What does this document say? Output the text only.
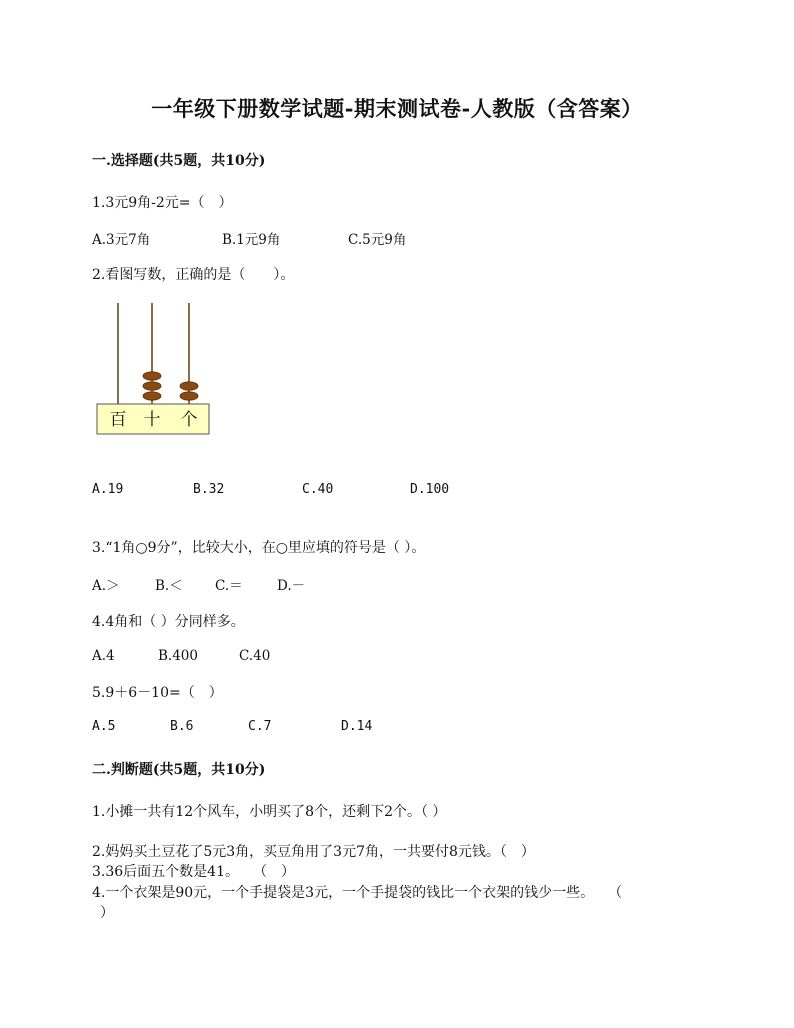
一年级下册数学试题-期末测试卷-人教版（含答案）
一.选择题(共5题，共10分)
1.3元9角-2元=（　）
A.3元7角	B.1元9角	C.5元9角
2.看图写数，正确的是（　　）。
百 十 个
A.19	B.32	C.40	D.100
3.“1角○9分”，比较大小，在○里应填的符号是（ ）。
A.＞	B.＜ C.＝	D.－
4.4角和（ ）分同样多。
A.4	B.400	C.40
5.9＋6－10=（　）
A.5	B.6	C.7	D.14
二.判断题(共5题，共10分)
1.小摊一共有12个风车，小明买了8个，还剩下2个。（ ）
2.妈妈买土豆花了5元3角，买豆角用了3元7角，一共要付8元钱。（　）
3.36后面五个数是41。　　（　）
4.一个衣架是90元，一个手提袋是3元，一个手提袋的钱比一个衣架的钱少一些。　　（
）
